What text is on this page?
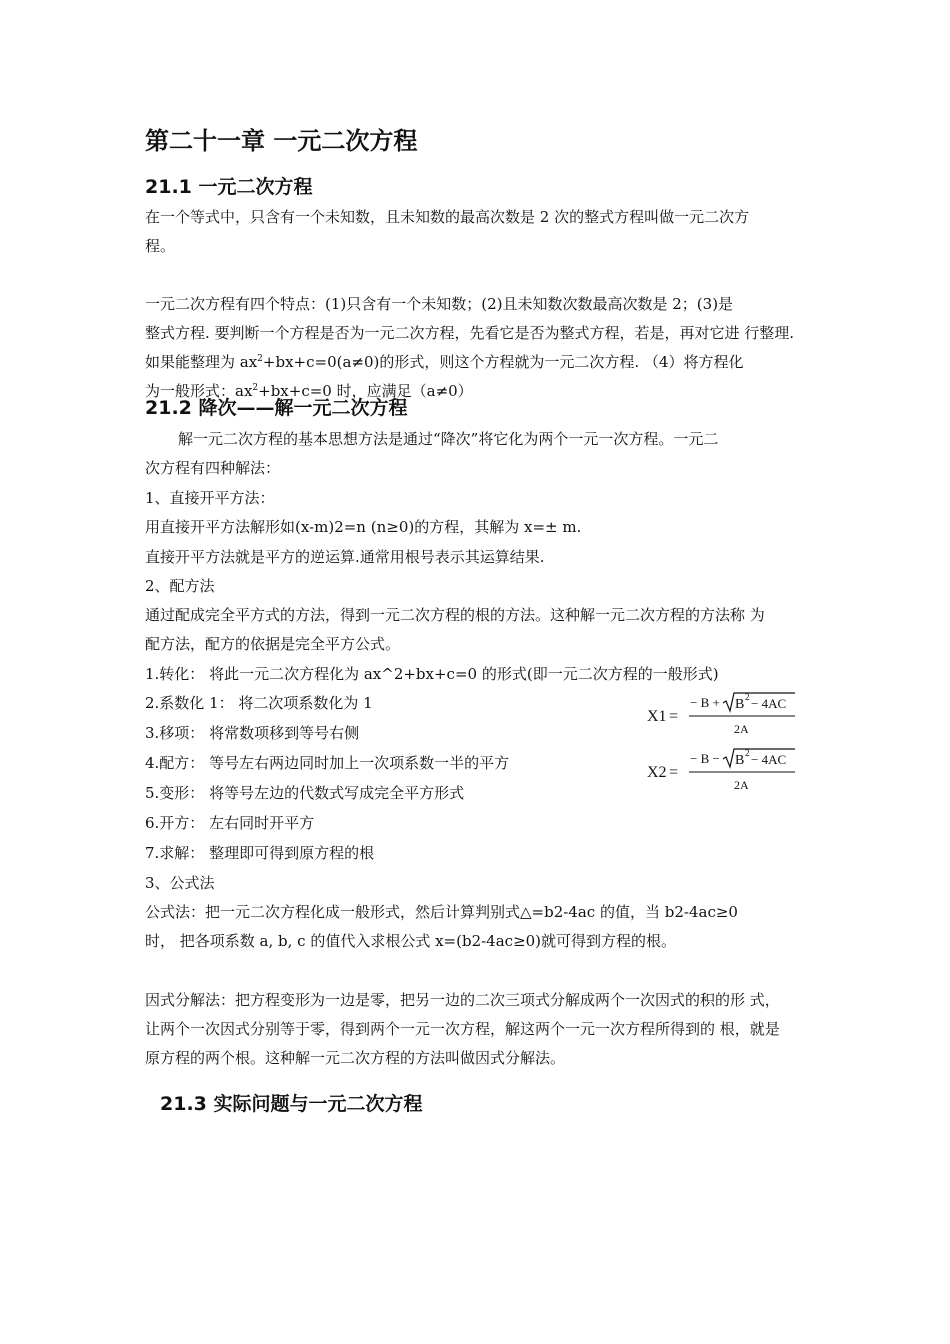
第二十一章 一元二次方程
21.1 一元二次方程
在一个等式中，只含有一个未知数，且未知数的最高次数是 2 次的整式方程叫做一元二次方
程。
一元二次方程有四个特点：(1)只含有一个未知数；(2)且未知数次数最高次数是 2；(3)是
整式方程. 要判断一个方程是否为一元二次方程，先看它是否为整式方程，若是，再对它进 行整理.
如果能整理为 $ax^2+bx+c=0(a\ne 0)$的形式，则这个方程就为一元二次方程. （4）将方程化
为一般形式：$ax^2+bx+c=0$ 时，应满足（a≠0）
21.2 降次——解一元二次方程
解一元二次方程的基本思想方法是通过“降次”将它化为两个一元一次方程。一元二
次方程有四种解法：
1、直接开平方法：
用直接开平方法解形如(x-m)2=n (n≥0)的方程，其解为 x=± m.
直接开平方法就是平方的逆运算.通常用根号表示其运算结果.
2、配方法
通过配成完全平方式的方法，得到一元二次方程的根的方法。这种解一元二次方程的方法称 为
配方法，配方的依据是完全平方公式。
1.转化： 将此一元二次方程化为 ax^2+bx+c=0 的形式(即一元二次方程的一般形式)
2.系数化 1： 将二次项系数化为 1
3.移项： 将常数项移到等号右侧
4.配方： 等号左右两边同时加上一次项系数一半的平方
5.变形： 将等号左边的代数式写成完全平方形式
6.开方： 左右同时开平方
7.求解： 整理即可得到原方程的根
X1 =
− B + B 2 − 4AC
2A
X2 =
− B − B 2 − 4AC
2A
3、公式法
公式法：把一元二次方程化成一般形式，然后计算判别式△=b2-4ac 的值，当 b2-4ac≥0
时， 把各项系数 a, b, c 的值代入求根公式 x=(b2-4ac≥0)就可得到方程的根。
因式分解法：把方程变形为一边是零，把另一边的二次三项式分解成两个一次因式的积的形 式，
让两个一次因式分别等于零，得到两个一元一次方程，解这两个一元一次方程所得到的 根，就是
原方程的两个根。这种解一元二次方程的方法叫做因式分解法。
21.3 实际问题与一元二次方程
